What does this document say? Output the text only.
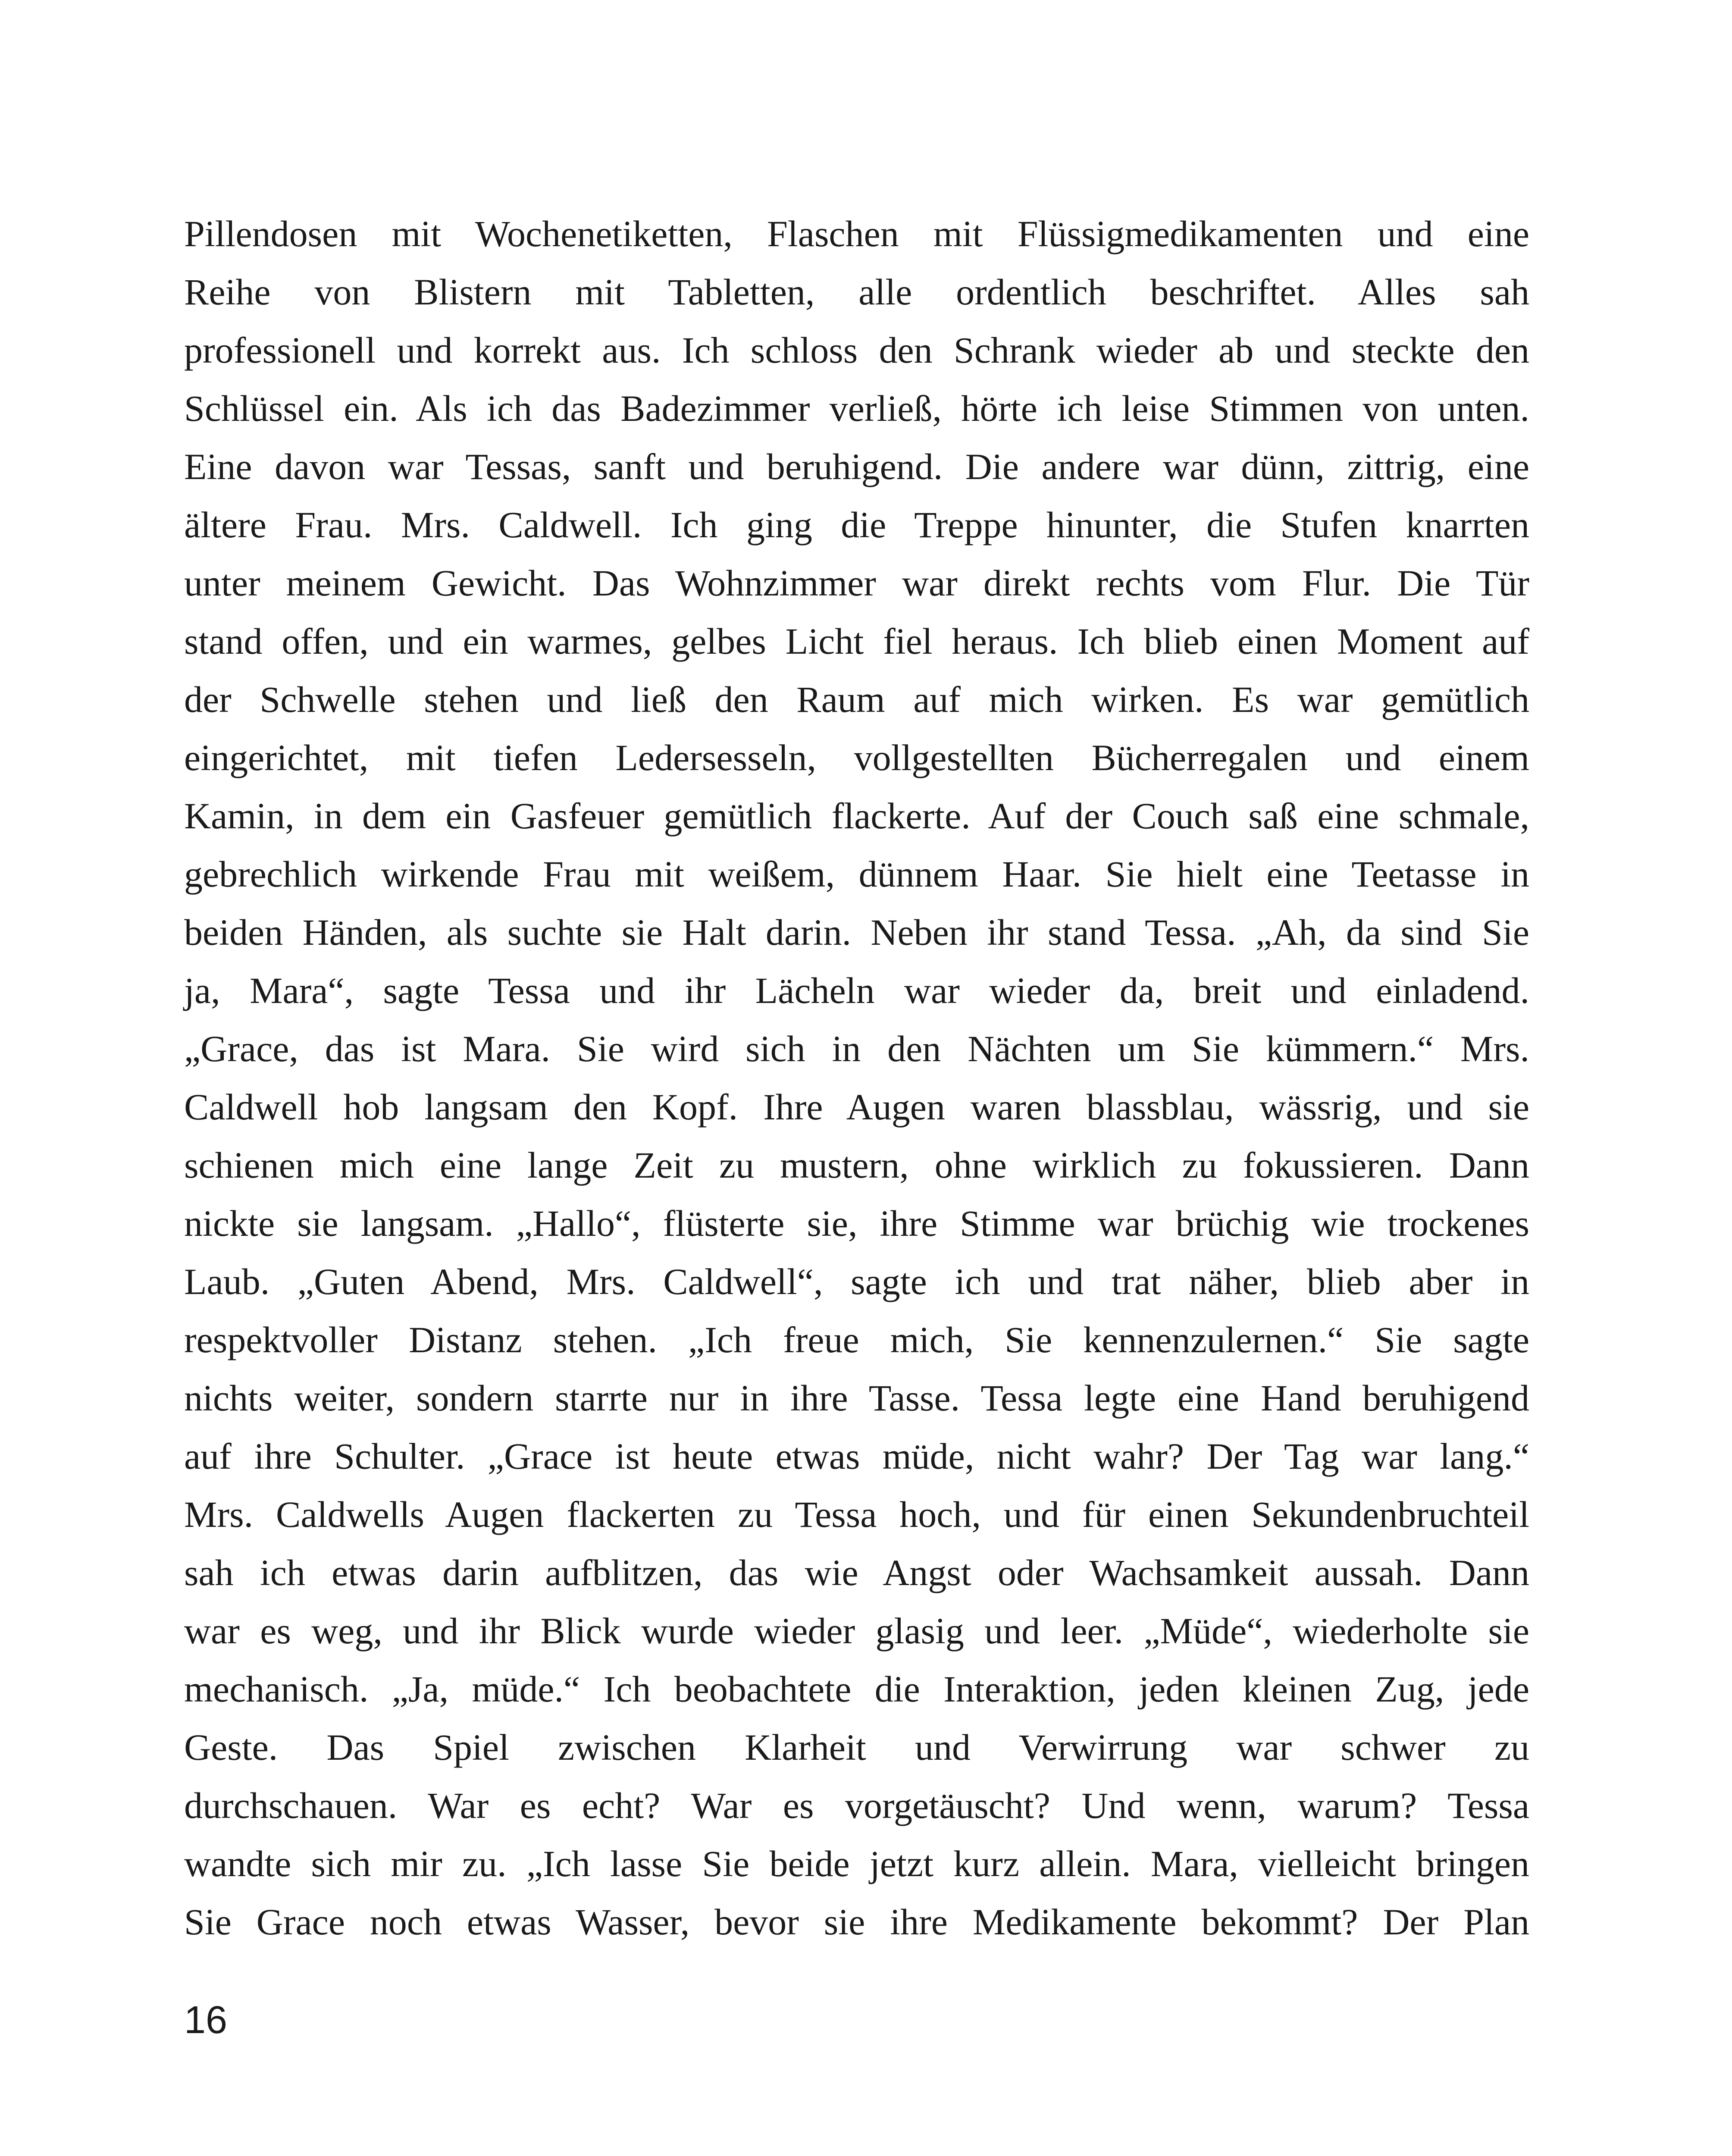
Pillendosen mit Wochenetiketten, Flaschen mit Flüssigmedikamenten und eine
Reihe von Blistern mit Tabletten, alle ordentlich beschriftet. Alles sah
professionell und korrekt aus. Ich schloss den Schrank wieder ab und steckte den
Schlüssel ein. Als ich das Badezimmer verließ, hörte ich leise Stimmen von unten.
Eine davon war Tessas, sanft und beruhigend. Die andere war dünn, zittrig, eine
ältere Frau. Mrs. Caldwell. Ich ging die Treppe hinunter, die Stufen knarrten
unter meinem Gewicht. Das Wohnzimmer war direkt rechts vom Flur. Die Tür
stand offen, und ein warmes, gelbes Licht fiel heraus. Ich blieb einen Moment auf
der Schwelle stehen und ließ den Raum auf mich wirken. Es war gemütlich
eingerichtet, mit tiefen Ledersesseln, vollgestellten Bücherregalen und einem
Kamin, in dem ein Gasfeuer gemütlich flackerte. Auf der Couch saß eine schmale,
gebrechlich wirkende Frau mit weißem, dünnem Haar. Sie hielt eine Teetasse in
beiden Händen, als suchte sie Halt darin. Neben ihr stand Tessa. „Ah, da sind Sie
ja, Mara“, sagte Tessa und ihr Lächeln war wieder da, breit und einladend.
„Grace, das ist Mara. Sie wird sich in den Nächten um Sie kümmern.“ Mrs.
Caldwell hob langsam den Kopf. Ihre Augen waren blassblau, wässrig, und sie
schienen mich eine lange Zeit zu mustern, ohne wirklich zu fokussieren. Dann
nickte sie langsam. „Hallo“, flüsterte sie, ihre Stimme war brüchig wie trockenes
Laub. „Guten Abend, Mrs. Caldwell“, sagte ich und trat näher, blieb aber in
respektvoller Distanz stehen. „Ich freue mich, Sie kennenzulernen.“ Sie sagte
nichts weiter, sondern starrte nur in ihre Tasse. Tessa legte eine Hand beruhigend
auf ihre Schulter. „Grace ist heute etwas müde, nicht wahr? Der Tag war lang.“
Mrs. Caldwells Augen flackerten zu Tessa hoch, und für einen Sekundenbruchteil
sah ich etwas darin aufblitzen, das wie Angst oder Wachsamkeit aussah. Dann
war es weg, und ihr Blick wurde wieder glasig und leer. „Müde“, wiederholte sie
mechanisch. „Ja, müde.“ Ich beobachtete die Interaktion, jeden kleinen Zug, jede
Geste. Das Spiel zwischen Klarheit und Verwirrung war schwer zu
durchschauen. War es echt? War es vorgetäuscht? Und wenn, warum? Tessa
wandte sich mir zu. „Ich lasse Sie beide jetzt kurz allein. Mara, vielleicht bringen
Sie Grace noch etwas Wasser, bevor sie ihre Medikamente bekommt? Der Plan
16
